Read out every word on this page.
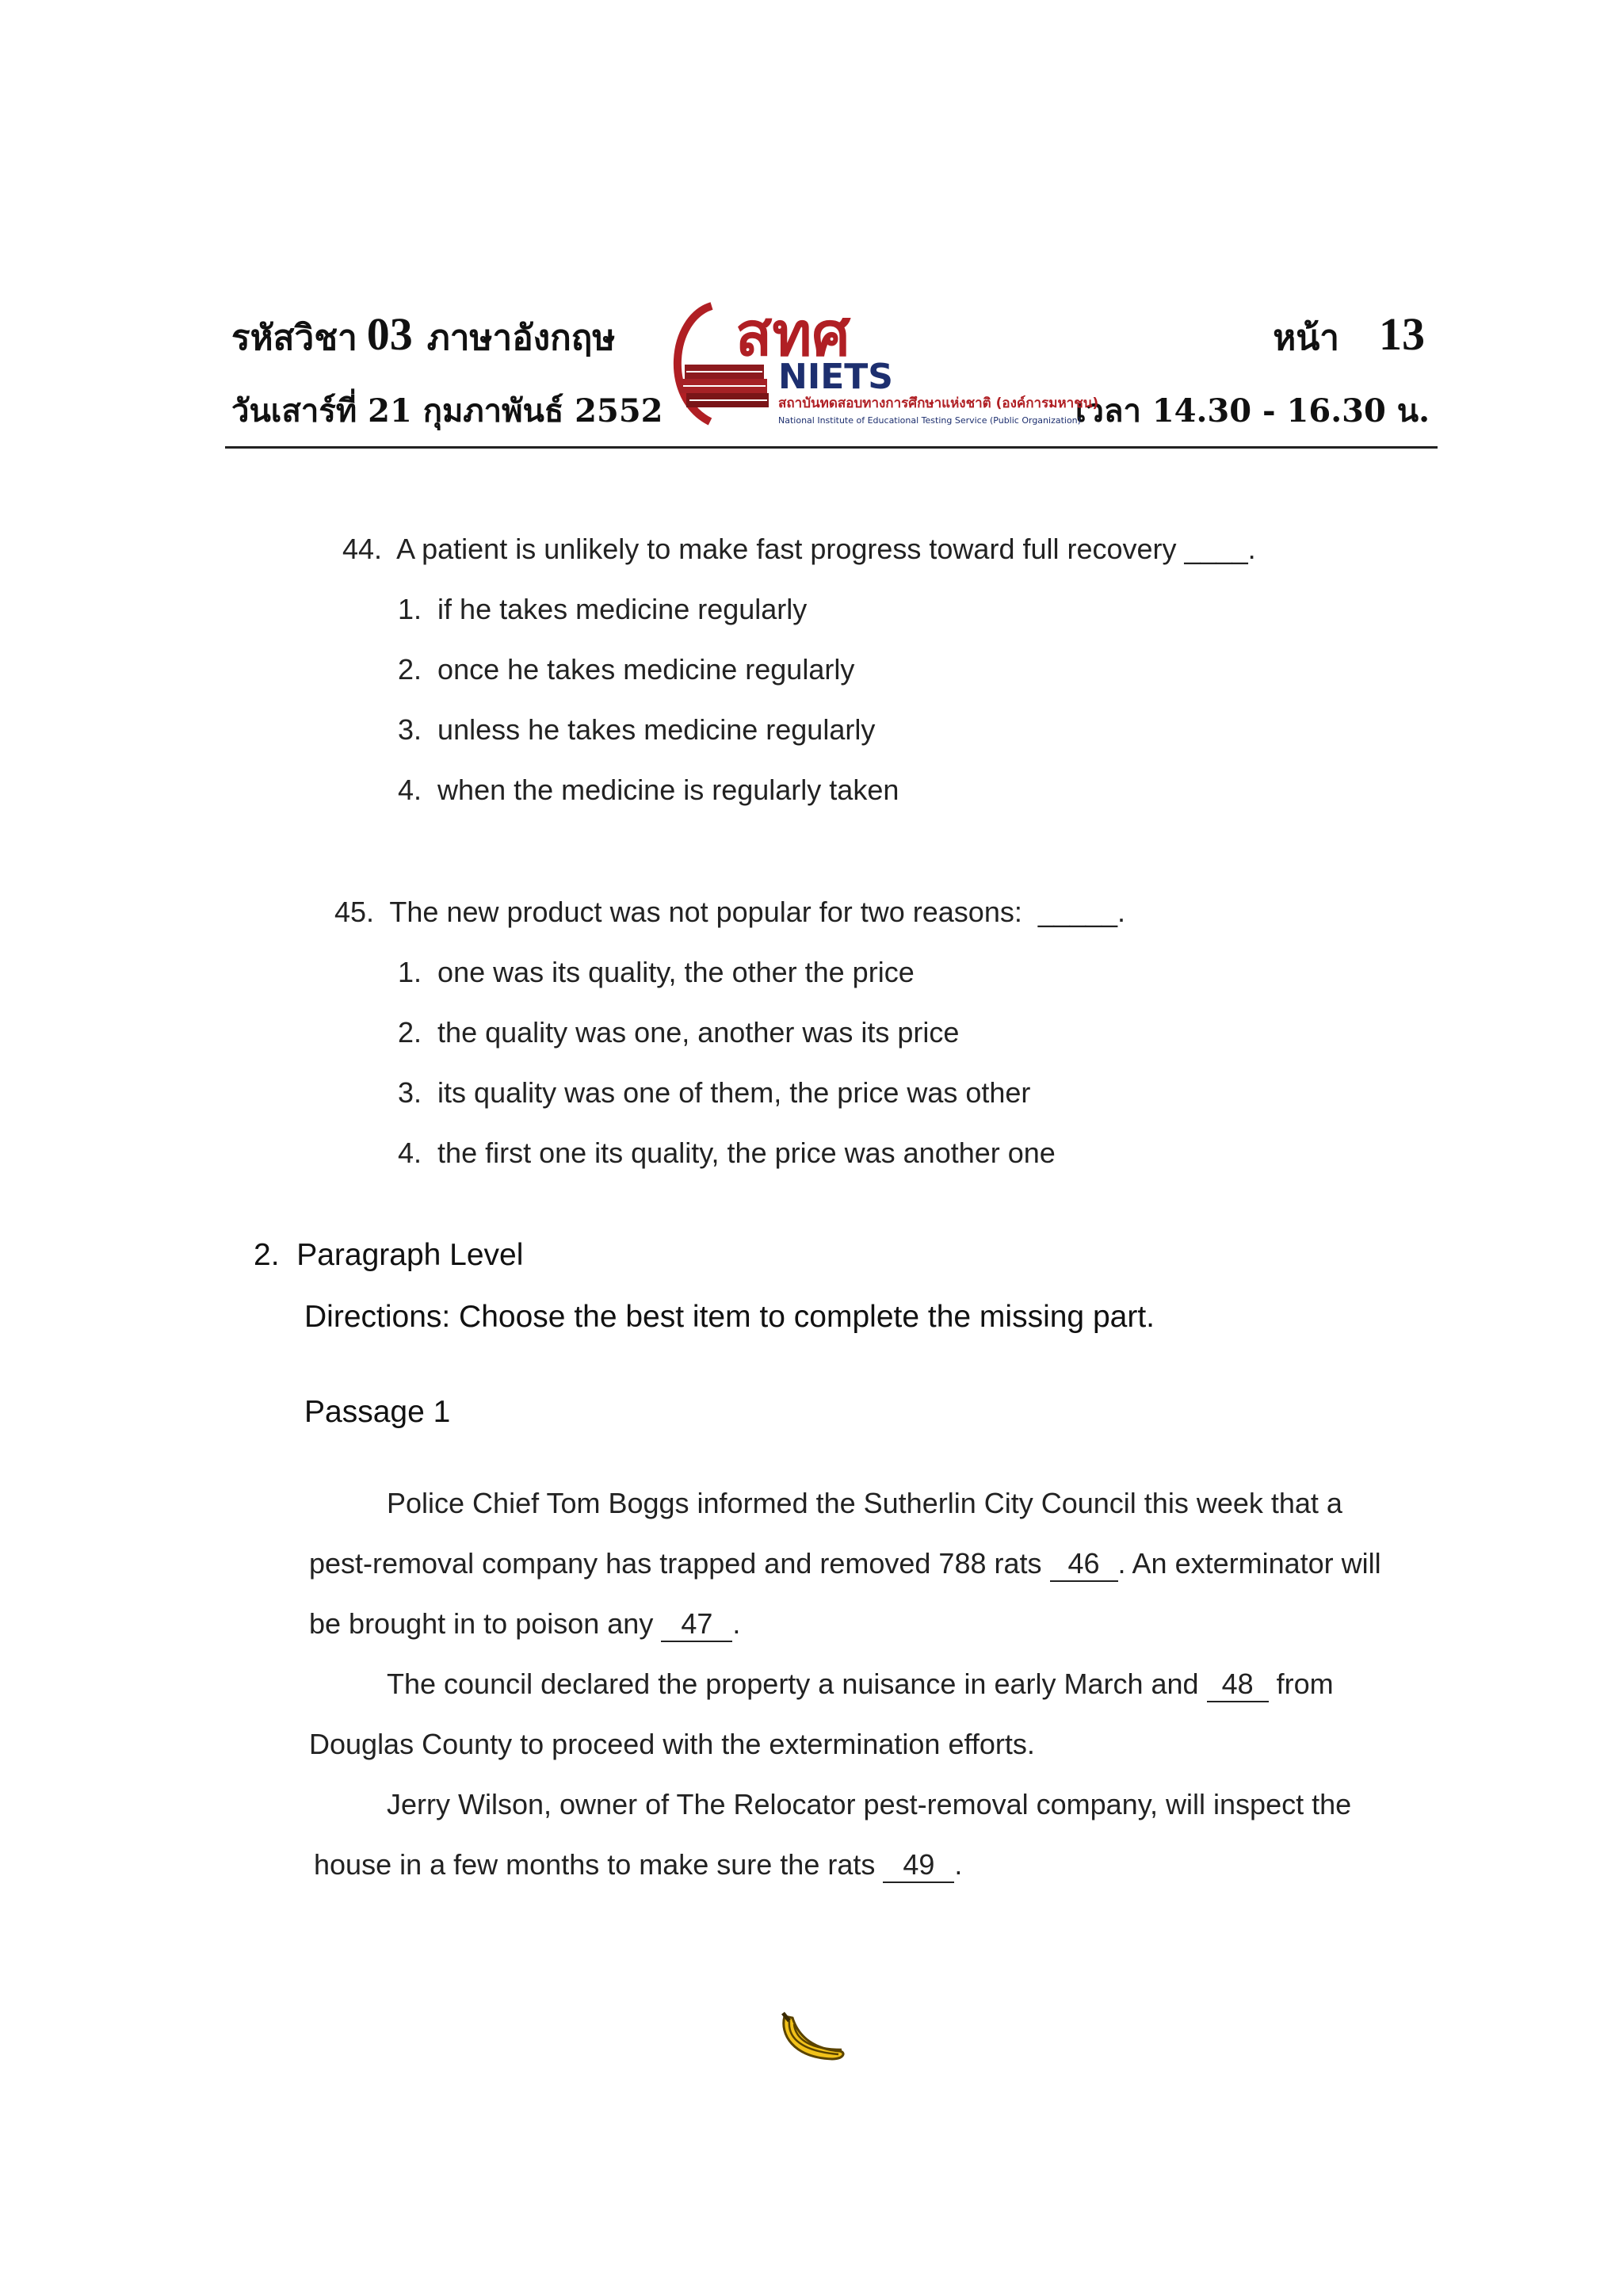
รหัสวิชา 03 ภาษาอังกฤษ
วันเสาร์ที่ 21 กุมภาพันธ์ 2552
หน้า 13
เวลา 14.30 - 16.30 น.
สทศ
NIETS
สถาบันทดสอบทางการศึกษาแห่งชาติ (องค์การมหาชน)
National Institute of Educational Testing Service (Public Organization)
44. A patient is unlikely to make fast progress toward full recovery ____.
1. if he takes medicine regularly
2. once he takes medicine regularly
3. unless he takes medicine regularly
4. when the medicine is regularly taken
45. The new product was not popular for two reasons: _____.
1. one was its quality, the other the price
2. the quality was one, another was its price
3. its quality was one of them, the price was other
4. the first one its quality, the price was another one
2. Paragraph Level
Directions: Choose the best item to complete the missing part.
Passage 1
Police Chief Tom Boggs informed the Sutherlin City Council this week that a
pest-removal company has trapped and removed 788 rats 46 . An exterminator will
be brought in to poison any 47 .
The council declared the property a nuisance in early March and 48 from
Douglas County to proceed with the extermination efforts.
Jerry Wilson, owner of The Relocator pest-removal company, will inspect the
house in a few months to make sure the rats 49 .
